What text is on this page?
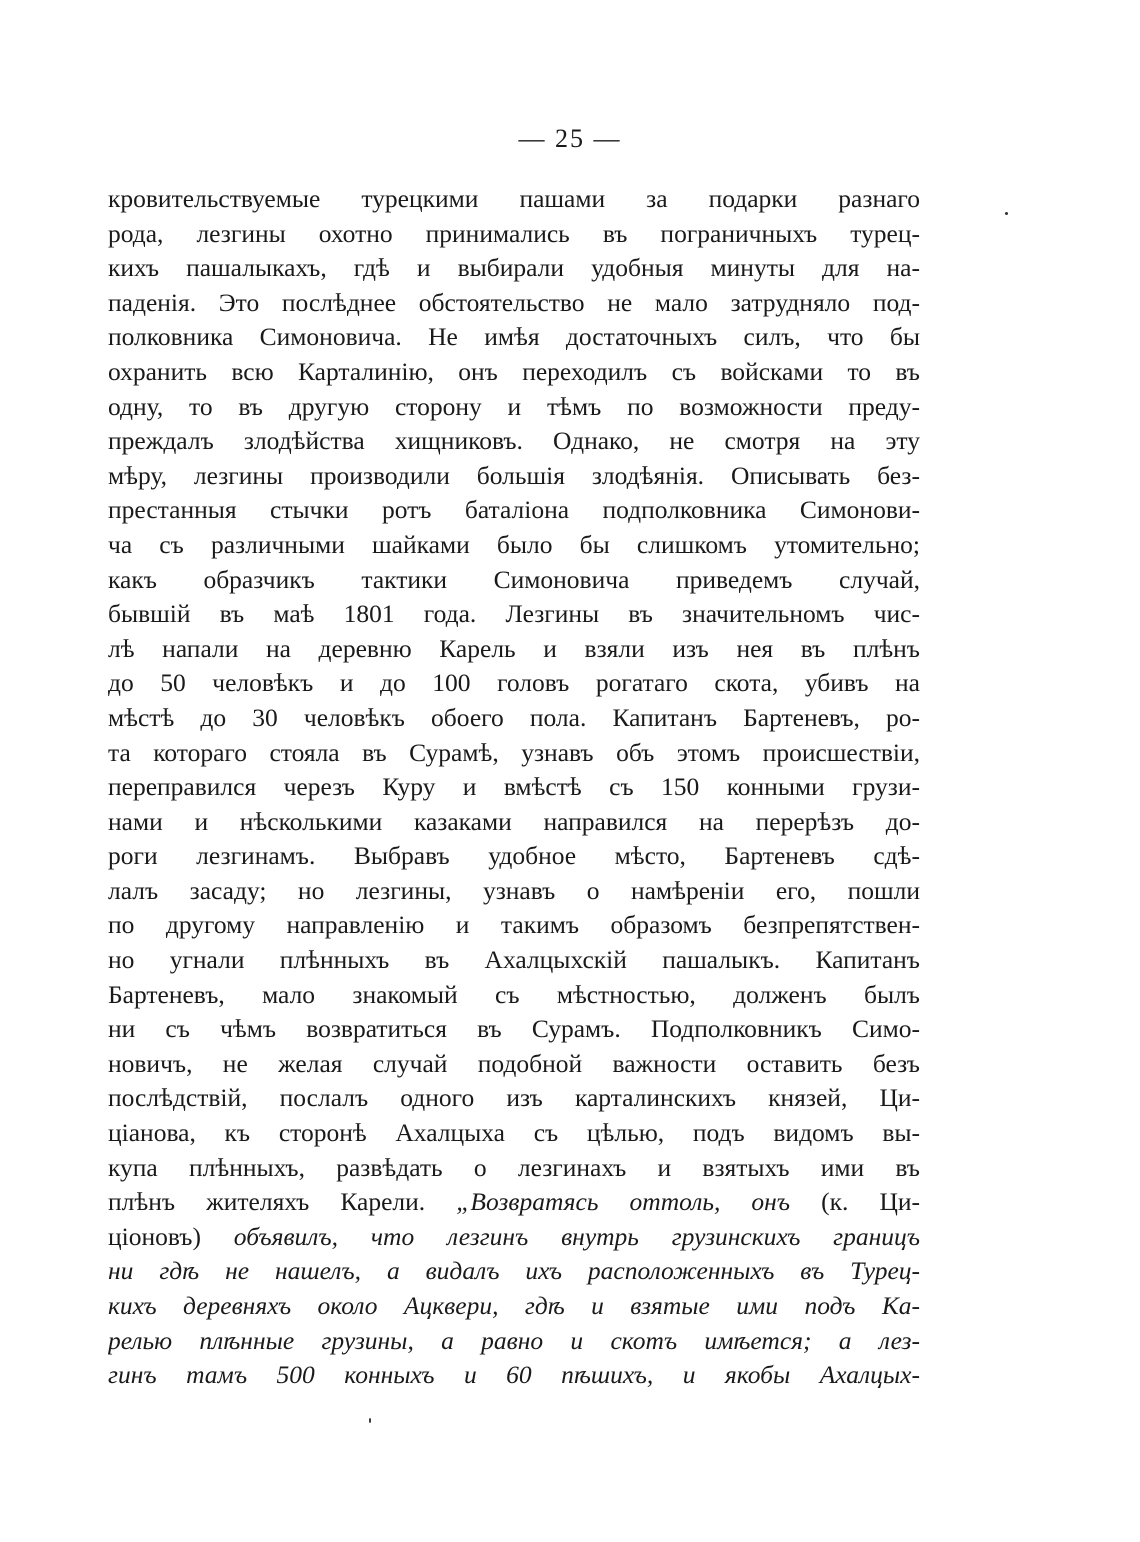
— 25 —
кровительствуемые турецкими пашами за подарки разнаго
рода, лезгины охотно принимались въ пограничныхъ турец-
кихъ пашалыкахъ, гдѣ и выбирали удобныя минуты для на-
паденія. Это послѣднее обстоятельство не мало затрудняло под-
полковника Симоновича. Не имѣя достаточныхъ силъ, что бы
охранить всю Карталинію, онъ переходилъ съ войсками то въ
одну, то въ другую сторону и тѣмъ по возможности преду-
преждалъ злодѣйства хищниковъ. Однако, не смотря на эту
мѣру, лезгины производили большія злодѣянія. Описывать без-
престанныя стычки ротъ баталіона подполковника Симонови-
ча съ различными шайками было бы слишкомъ утомительно;
какъ образчикъ тактики Симоновича приведемъ случай,
бывшій въ маѣ 1801 года. Лезгины въ значительномъ чис-
лѣ напали на деревню Карель и взяли изъ нея въ плѣнъ
до 50 человѣкъ и до 100 головъ рогатаго скота, убивъ на
мѣстѣ до 30 человѣкъ обоего пола. Капитанъ Бартеневъ, ро-
та котораго стояла въ Сурамѣ, узнавъ объ этомъ происшествіи,
переправился черезъ Куру и вмѣстѣ съ 150 конными грузи-
нами и нѣсколькими казаками направился на перерѣзъ до-
роги лезгинамъ. Выбравъ удобное мѣсто, Бартеневъ сдѣ-
лалъ засаду; но лезгины, узнавъ о намѣреніи его, пошли
по другому направленію и такимъ образомъ безпрепятствен-
но угнали плѣнныхъ въ Ахалцыхскій пашалыкъ. Капитанъ
Бартеневъ, мало знакомый съ мѣстностью, долженъ былъ
ни съ чѣмъ возвратиться въ Сурамъ. Подполковникъ Симо-
новичъ, не желая случай подобной важности оставить безъ
послѣдствій, послалъ одного изъ карталинскихъ князей, Ци-
ціанова, къ сторонѣ Ахалцыха съ цѣлью, подъ видомъ вы-
купа плѣнныхъ, развѣдать о лезгинахъ и взятыхъ ими въ
плѣнъ жителяхъ Карели. „Возвратясь оттоль, онъ (к. Ци-
ціоновъ) объявилъ, что лезгинъ внутрь грузинскихъ границъ
ни гдѣ не нашелъ, а видалъ ихъ расположенныхъ въ Турец-
кихъ деревняхъ около Ацквери, гдѣ и взятые ими подъ Ка-
релью плѣнные грузины, а равно и скотъ имѣется; а лез-
гинъ тамъ 500 конныхъ и 60 пѣшихъ, и якобы Ахалцых-
